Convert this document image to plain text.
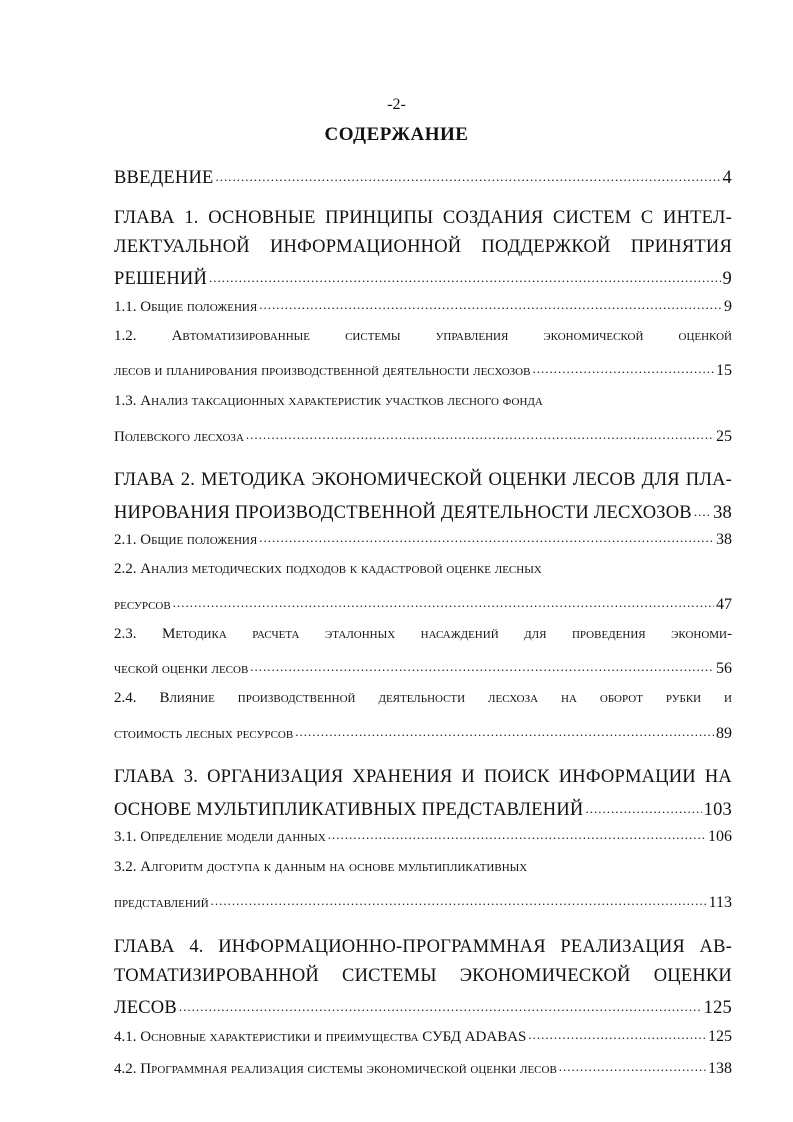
-2-
СОДЕРЖАНИЕ
ВВЕДЕНИЕ .....	4
ГЛАВА 1. ОСНОВНЫЕ ПРИНЦИПЫ СОЗДАНИЯ СИСТЕМ С ИНТЕЛ-
ЛЕКТУАЛЬНОЙ ИНФОРМАЦИОННОЙ ПОДДЕРЖКОЙ ПРИНЯТИЯ
РЕШЕНИЙ .....	9
1.1. Общие положения .....	9
1.2. Автоматизированные системы управления экономической оценкой
лесов и планирования производственной деятельности лесхозов .....	15
1.3. Анализ таксационных характеристик участков лесного фонда
Полевского лесхоза .....	25
ГЛАВА 2. МЕТОДИКА ЭКОНОМИЧЕСКОЙ ОЦЕНКИ ЛЕСОВ ДЛЯ ПЛА-
НИРОВАНИЯ ПРОИЗВОДСТВЕННОЙ ДЕЯТЕЛЬНОСТИ ЛЕСХОЗОВ ..... 38
2.1. Общие положения .....	38
2.2. Анализ методических подходов к кадастровой оценке лесных
ресурсов .....	47
2.3. Методика расчета эталонных насаждений для проведения экономи-
ческой оценки лесов .....	56
2.4. Влияние производственной деятельности лесхоза на оборот рубки и
стоимость лесных ресурсов .....	89
ГЛАВА 3. ОРГАНИЗАЦИЯ ХРАНЕНИЯ И ПОИСК ИНФОРМАЦИИ НА
ОСНОВЕ МУЛЬТИПЛИКАТИВНЫХ ПРЕДСТАВЛЕНИЙ .....	103
3.1. Определение модели данных .....	106
3.2. Алгоритм доступа к данным на основе мультипликативных
представлений .....	113
ГЛАВА 4. ИНФОРМАЦИОННО-ПРОГРАММНАЯ РЕАЛИЗАЦИЯ АВ-
ТОМАТИЗИРОВАННОЙ СИСТЕМЫ ЭКОНОМИЧЕСКОЙ ОЦЕНКИ
ЛЕСОВ .....	125
4.1. Основные характеристики и преимущества СУБД ADABAS .....	125
4.2. Программная реализация системы экономической оценки лесов .....	138
